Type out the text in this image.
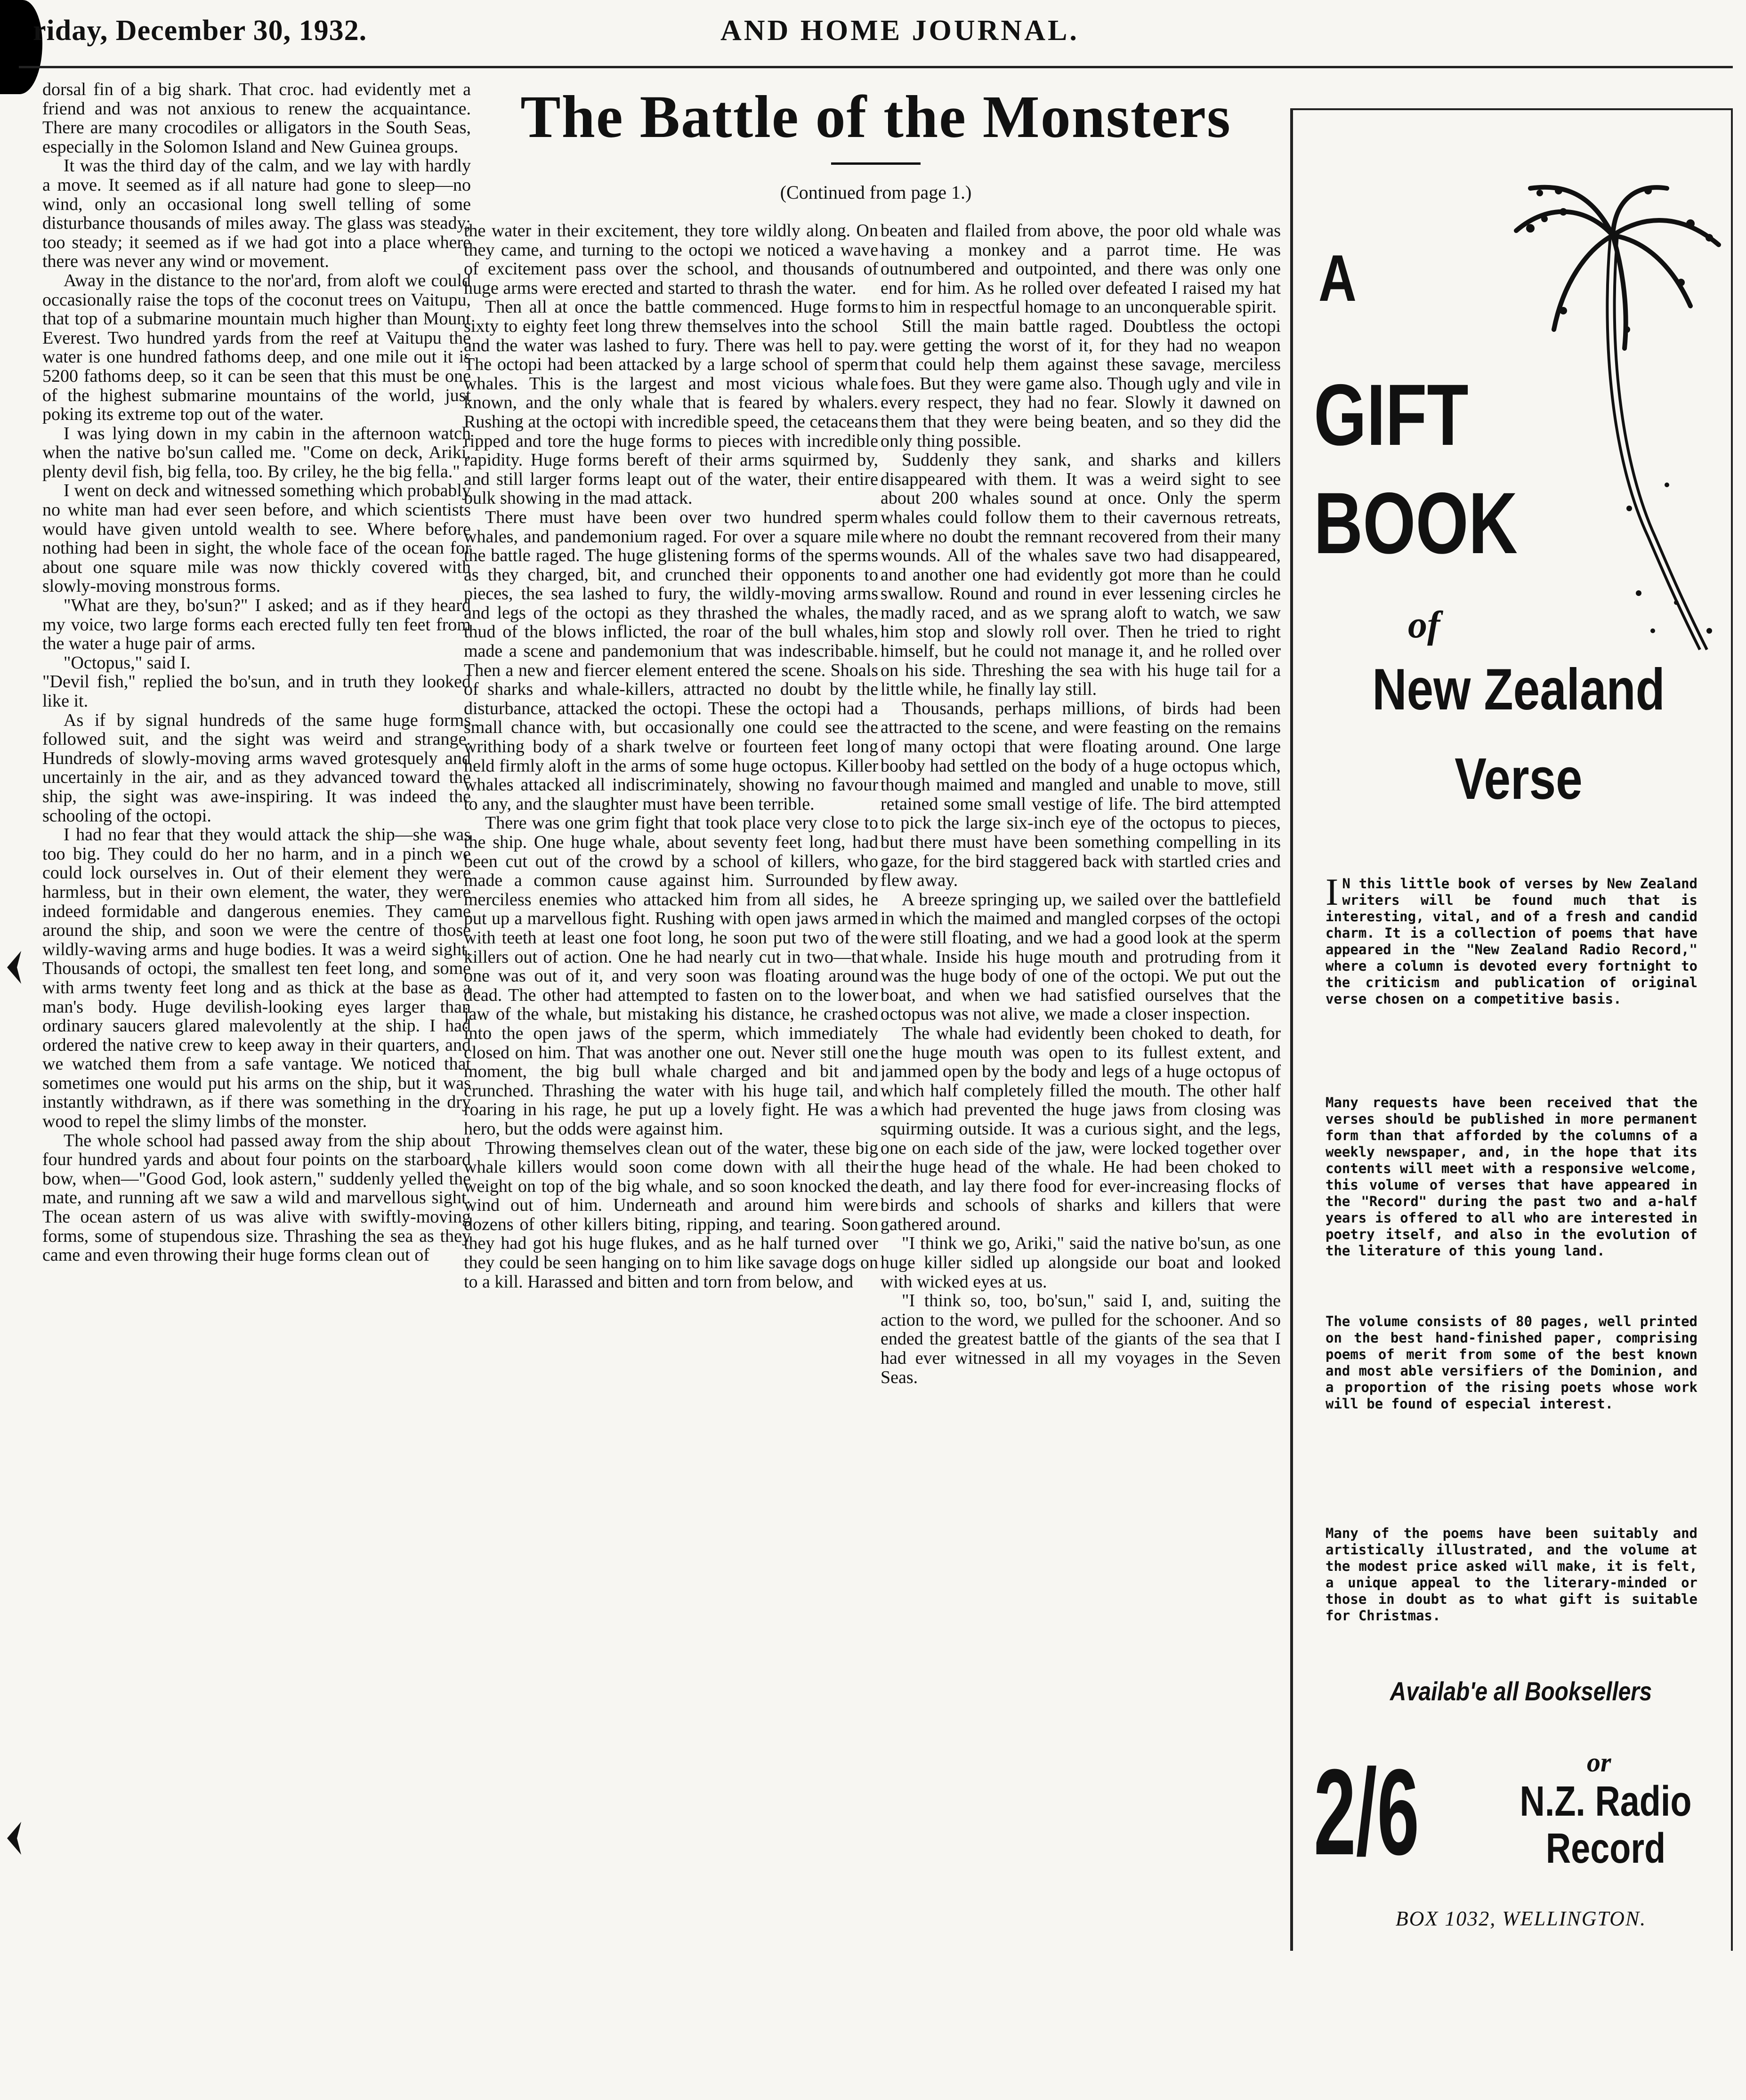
riday, December 30, 1932.	AND HOME JOURNAL.
The Battle of the Monsters
(Continued from page 1.)

dorsal fin of a big shark. That croc. had evidently met a friend and was not anxious to renew the acquaintance. There are many crocodiles or alligators in the South Seas, especially in the Solomon Island and New Guinea groups.

It was the third day of the calm, and we lay with hardly a move. It seemed as if all nature had gone to sleep—no wind, only an occasional long swell telling of some disturbance thousands of miles away. The glass was steady; too steady; it seemed as if we had got into a place where there was never any wind or movement.

Away in the distance to the nor'ard, from aloft we could occasionally raise the tops of the coconut trees on Vaitupu, that top of a submarine mountain much higher than Mount Everest. Two hundred yards from the reef at Vaitupu the water is one hundred fathoms deep, and one mile out it is 5200 fathoms deep, so it can be seen that this must be one of the highest submarine mountains of the world, just poking its extreme top out of the water.

I was lying down in my cabin in the afternoon watch when the native bo'sun called me. "Come on deck, Ariki, plenty devil fish, big fella, too. By criley, he the big fella."

I went on deck and witnessed something which probably no white man had ever seen before, and which scientists would have given untold wealth to see. Where before nothing had been in sight, the whole face of the ocean for about one square mile was now thickly covered with slowly-moving monstrous forms.

"What are they, bo'sun?" I asked; and as if they heard my voice, two large forms each erected fully ten feet from the water a huge pair of arms.

"Octopus," said I.

"Devil fish," replied the bo'sun, and in truth they looked like it.

As if by signal hundreds of the same huge forms followed suit, and the sight was weird and strange. Hundreds of slowly-moving arms waved grotesquely and uncertainly in the air, and as they advanced toward the ship, the sight was awe-inspiring. It was indeed the schooling of the octopi.

I had no fear that they would attack the ship—she was too big. They could do her no harm, and in a pinch we could lock ourselves in. Out of their element they were harmless, but in their own element, the water, they were indeed formidable and dangerous enemies. They came around the ship, and soon we were the centre of those wildly-waving arms and huge bodies. It was a weird sight. Thousands of octopi, the smallest ten feet long, and some with arms twenty feet long and as thick at the base as a man's body. Huge devilish-looking eyes larger than ordinary saucers glared malevolently at the ship. I had ordered the native crew to keep away in their quarters, and we watched them from a safe vantage. We noticed that sometimes one would put his arms on the ship, but it was instantly withdrawn, as if there was something in the dry wood to repel the slimy limbs of the monster.

The whole school had passed away from the ship about four hundred yards and about four points on the starboard bow, when—"Good God, look astern," suddenly yelled the mate, and running aft we saw a wild and marvellous sight. The ocean astern of us was alive with swiftly-moving forms, some of stupendous size. Thrashing the sea as they came and even throwing their huge forms clean out of

the water in their excitement, they tore wildly along. On they came, and turning to the octopi we noticed a wave of excitement pass over the school, and thousands of huge arms were erected and started to thrash the water.

Then all at once the battle commenced. Huge forms sixty to eighty feet long threw themselves into the school and the water was lashed to fury. There was hell to pay. The octopi had been attacked by a large school of sperm whales. This is the largest and most vicious whale known, and the only whale that is feared by whalers. Rushing at the octopi with incredible speed, the cetaceans ripped and tore the huge forms to pieces with incredible rapidity. Huge forms bereft of their arms squirmed by, and still larger forms leapt out of the water, their entire bulk showing in the mad attack.

There must have been over two hundred sperm whales, and pandemonium raged. For over a square mile the battle raged. The huge glistening forms of the sperms as they charged, bit, and crunched their opponents to pieces, the sea lashed to fury, the wildly-moving arms and legs of the octopi as they thrashed the whales, the thud of the blows inflicted, the roar of the bull whales, made a scene and pandemonium that was indescribable. Then a new and fiercer element entered the scene. Shoals of sharks and whale-killers, attracted no doubt by the disturbance, attacked the octopi. These the octopi had a small chance with, but occasionally one could see the writhing body of a shark twelve or fourteen feet long held firmly aloft in the arms of some huge octopus. Killer whales attacked all indiscriminately, showing no favour to any, and the slaughter must have been terrible.

There was one grim fight that took place very close to the ship. One huge whale, about seventy feet long, had been cut out of the crowd by a school of killers, who made a common cause against him. Surrounded by merciless enemies who attacked him from all sides, he put up a marvellous fight. Rushing with open jaws armed with teeth at least one foot long, he soon put two of the killers out of action. One he had nearly cut in two—that one was out of it, and very soon was floating around dead. The other had attempted to fasten on to the lower jaw of the whale, but mistaking his distance, he crashed into the open jaws of the sperm, which immediately closed on him. That was another one out. Never still one moment, the big bull whale charged and bit and crunched. Thrashing the water with his huge tail, and roaring in his rage, he put up a lovely fight. He was a hero, but the odds were against him.

Throwing themselves clean out of the water, these big whale killers would soon come down with all their weight on top of the big whale, and so soon knocked the wind out of him. Underneath and around him were dozens of other killers biting, ripping, and tearing. Soon they had got his huge flukes, and as he half turned over they could be seen hanging on to him like savage dogs on to a kill. Harassed and bitten and torn from below, and

beaten and flailed from above, the poor old whale was having a monkey and a parrot time. He was outnumbered and outpointed, and there was only one end for him. As he rolled over defeated I raised my hat to him in respectful homage to an unconquerable spirit.

Still the main battle raged. Doubtless the octopi were getting the worst of it, for they had no weapon that could help them against these savage, merciless foes. But they were game also. Though ugly and vile in every respect, they had no fear. Slowly it dawned on them that they were being beaten, and so they did the only thing possible.

Suddenly they sank, and sharks and killers disappeared with them. It was a weird sight to see about 200 whales sound at once. Only the sperm whales could follow them to their cavernous retreats, where no doubt the remnant recovered from their many wounds. All of the whales save two had disappeared, and another one had evidently got more than he could swallow. Round and round in ever lessening circles he madly raced, and as we sprang aloft to watch, we saw him stop and slowly roll over. Then he tried to right himself, but he could not manage it, and he rolled over on his side. Threshing the sea with his huge tail for a little while, he finally lay still.

Thousands, perhaps millions, of birds had been attracted to the scene, and were feasting on the remains of many octopi that were floating around. One large booby had settled on the body of a huge octopus which, though maimed and mangled and unable to move, still retained some small vestige of life. The bird attempted to pick the large six-inch eye of the octopus to pieces, but there must have been something compelling in its gaze, for the bird staggered back with startled cries and flew away.

A breeze springing up, we sailed over the battlefield in which the maimed and mangled corpses of the octopi were still floating, and we had a good look at the sperm whale. Inside his huge mouth and protruding from it was the huge body of one of the octopi. We put out the boat, and when we had satisfied ourselves that the octopus was not alive, we made a closer inspection.

The whale had evidently been choked to death, for the huge mouth was open to its fullest extent, and jammed open by the body and legs of a huge octopus of which half completely filled the mouth. The other half which had prevented the huge jaws from closing was squirming outside. It was a curious sight, and the legs, one on each side of the jaw, were locked together over the huge head of the whale. He had been choked to death, and lay there food for ever-increasing flocks of birds and schools of sharks and killers that were gathered around.

"I think we go, Ariki," said the native bo'sun, as one huge killer sidled up alongside our boat and looked with wicked eyes at us.

"I think so, too, bo'sun," said I, and, suiting the action to the word, we pulled for the schooner. And so ended the greatest battle of the giants of the sea that I had ever witnessed in all my voyages in the Seven Seas.

A
GIFT
BOOK
of
New Zealand
Verse
I N this little book of verses by New Zealand writers will be found much that is interesting, vital, and of a fresh and candid charm. It is a collection of poems that have appeared in the "New Zealand Radio Record," where a column is devoted every fortnight to the criticism and publication of original verse chosen on a competitive basis.
Many requests have been received that the verses should be published in more permanent form than that afforded by the columns of a weekly newspaper, and, in the hope that its contents will meet with a responsive welcome, this volume of verses that have appeared in the "Record" during the past two and a-half years is offered to all who are interested in poetry itself, and also in the evolution of the literature of this young land.
The volume consists of 80 pages, well printed on the best hand-finished paper, comprising poems of merit from some of the best known and most able versifiers of the Dominion, and a proportion of the rising poets whose work will be found of especial interest.
Many of the poems have been suitably and artistically illustrated, and the volume at the modest price asked will make, it is felt, a unique appeal to the literary-minded or those in doubt as to what gift is suitable for Christmas.
Availab'e all Booksellers
2/6	or
N.Z. Radio
Record
BOX 1032, WELLINGTON.
